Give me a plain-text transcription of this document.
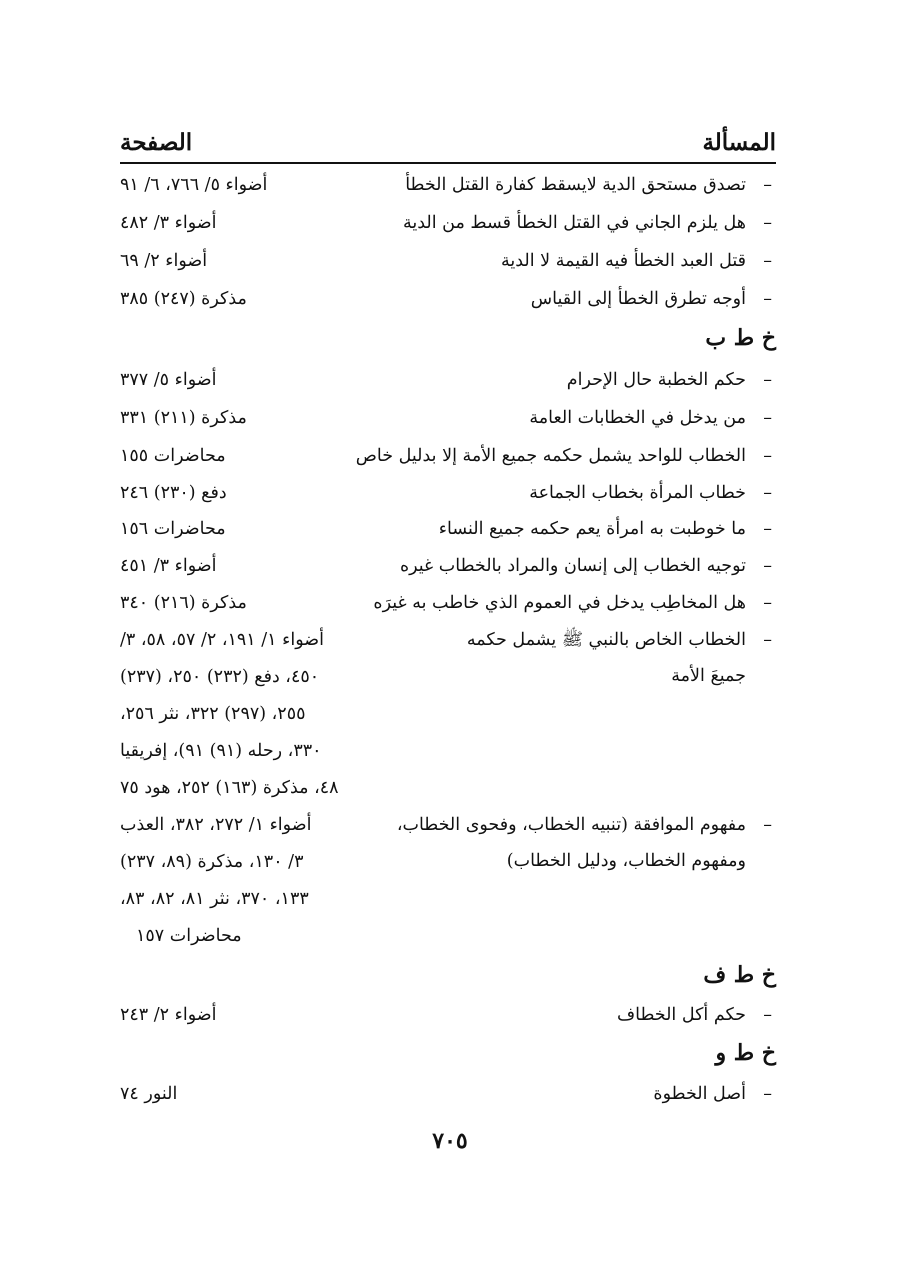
المسألة
الصفحة
–
تصدق مستحق الدية لايسقط كفارة القتل الخطأ
أضواء ٥/ ٧٦٦، ٦/ ٩١
–
هل يلزم الجاني في القتل الخطأ قسط من الدية
أضواء ٣/ ٤٨٢
–
قتل العبد الخطأ فيه القيمة لا الدية
أضواء ٢/ ٦٩
–
أوجه تطرق الخطأ إلى القياس
مذكرة (٢٤٧) ٣٨٥
خ ط ب
–
حكم الخطبة حال الإحرام
أضواء ٥/ ٣٧٧
–
من يدخل في الخطابات العامة
مذكرة (٢١١) ٣٣١
–
الخطاب للواحد يشمل حكمه جميع الأمة إلا بدليل خاص
محاضرات ١٥٥
–
خطاب المرأة بخطاب الجماعة
دفع (٢٣٠) ٢٤٦
–
ما خوطبت به امرأة يعم حكمه جميع النساء
محاضرات ١٥٦
–
توجيه الخطاب إلى إنسان والمراد بالخطاب غيره
أضواء ٣/ ٤٥١
–
هل المخاطِب يدخل في العموم الذي خاطب به غيرَه
مذكرة (٢١٦) ٣٤٠
–
الخطاب الخاص بالنبي ﷺ يشمل حكمه
جميعَ الأمة
أضواء ١/ ١٩١، ٢/ ٥٧، ٥٨، ٣/
٤٥٠، دفع (٢٣٢) ٢٥٠، (٢٣٧)
٢٥٥، (٢٩٧) ٣٢٢، نثر ٢٥٦،
٣٣٠، رحله (٩١) ٩١)، إفريقيا
٤٨، مذكرة (١٦٣) ٢٥٢، هود ٧٥
–
مفهوم الموافقة (تنبيه الخطاب، وفحوى الخطاب،
ومفهوم الخطاب، ودليل الخطاب)
أضواء ١/ ٢٧٢، ٣٨٢، العذب
٣/ ١٣٠، مذكرة (٨٩، ٢٣٧)
١٣٣، ٣٧٠، نثر ٨١، ٨٢، ٨٣،
محاضرات ١٥٧
خ ط ف
–
حكم أكل الخطاف
أضواء ٢/ ٢٤٣
خ ط و
–
أصل الخطوة
النور ٧٤
٧٠٥
